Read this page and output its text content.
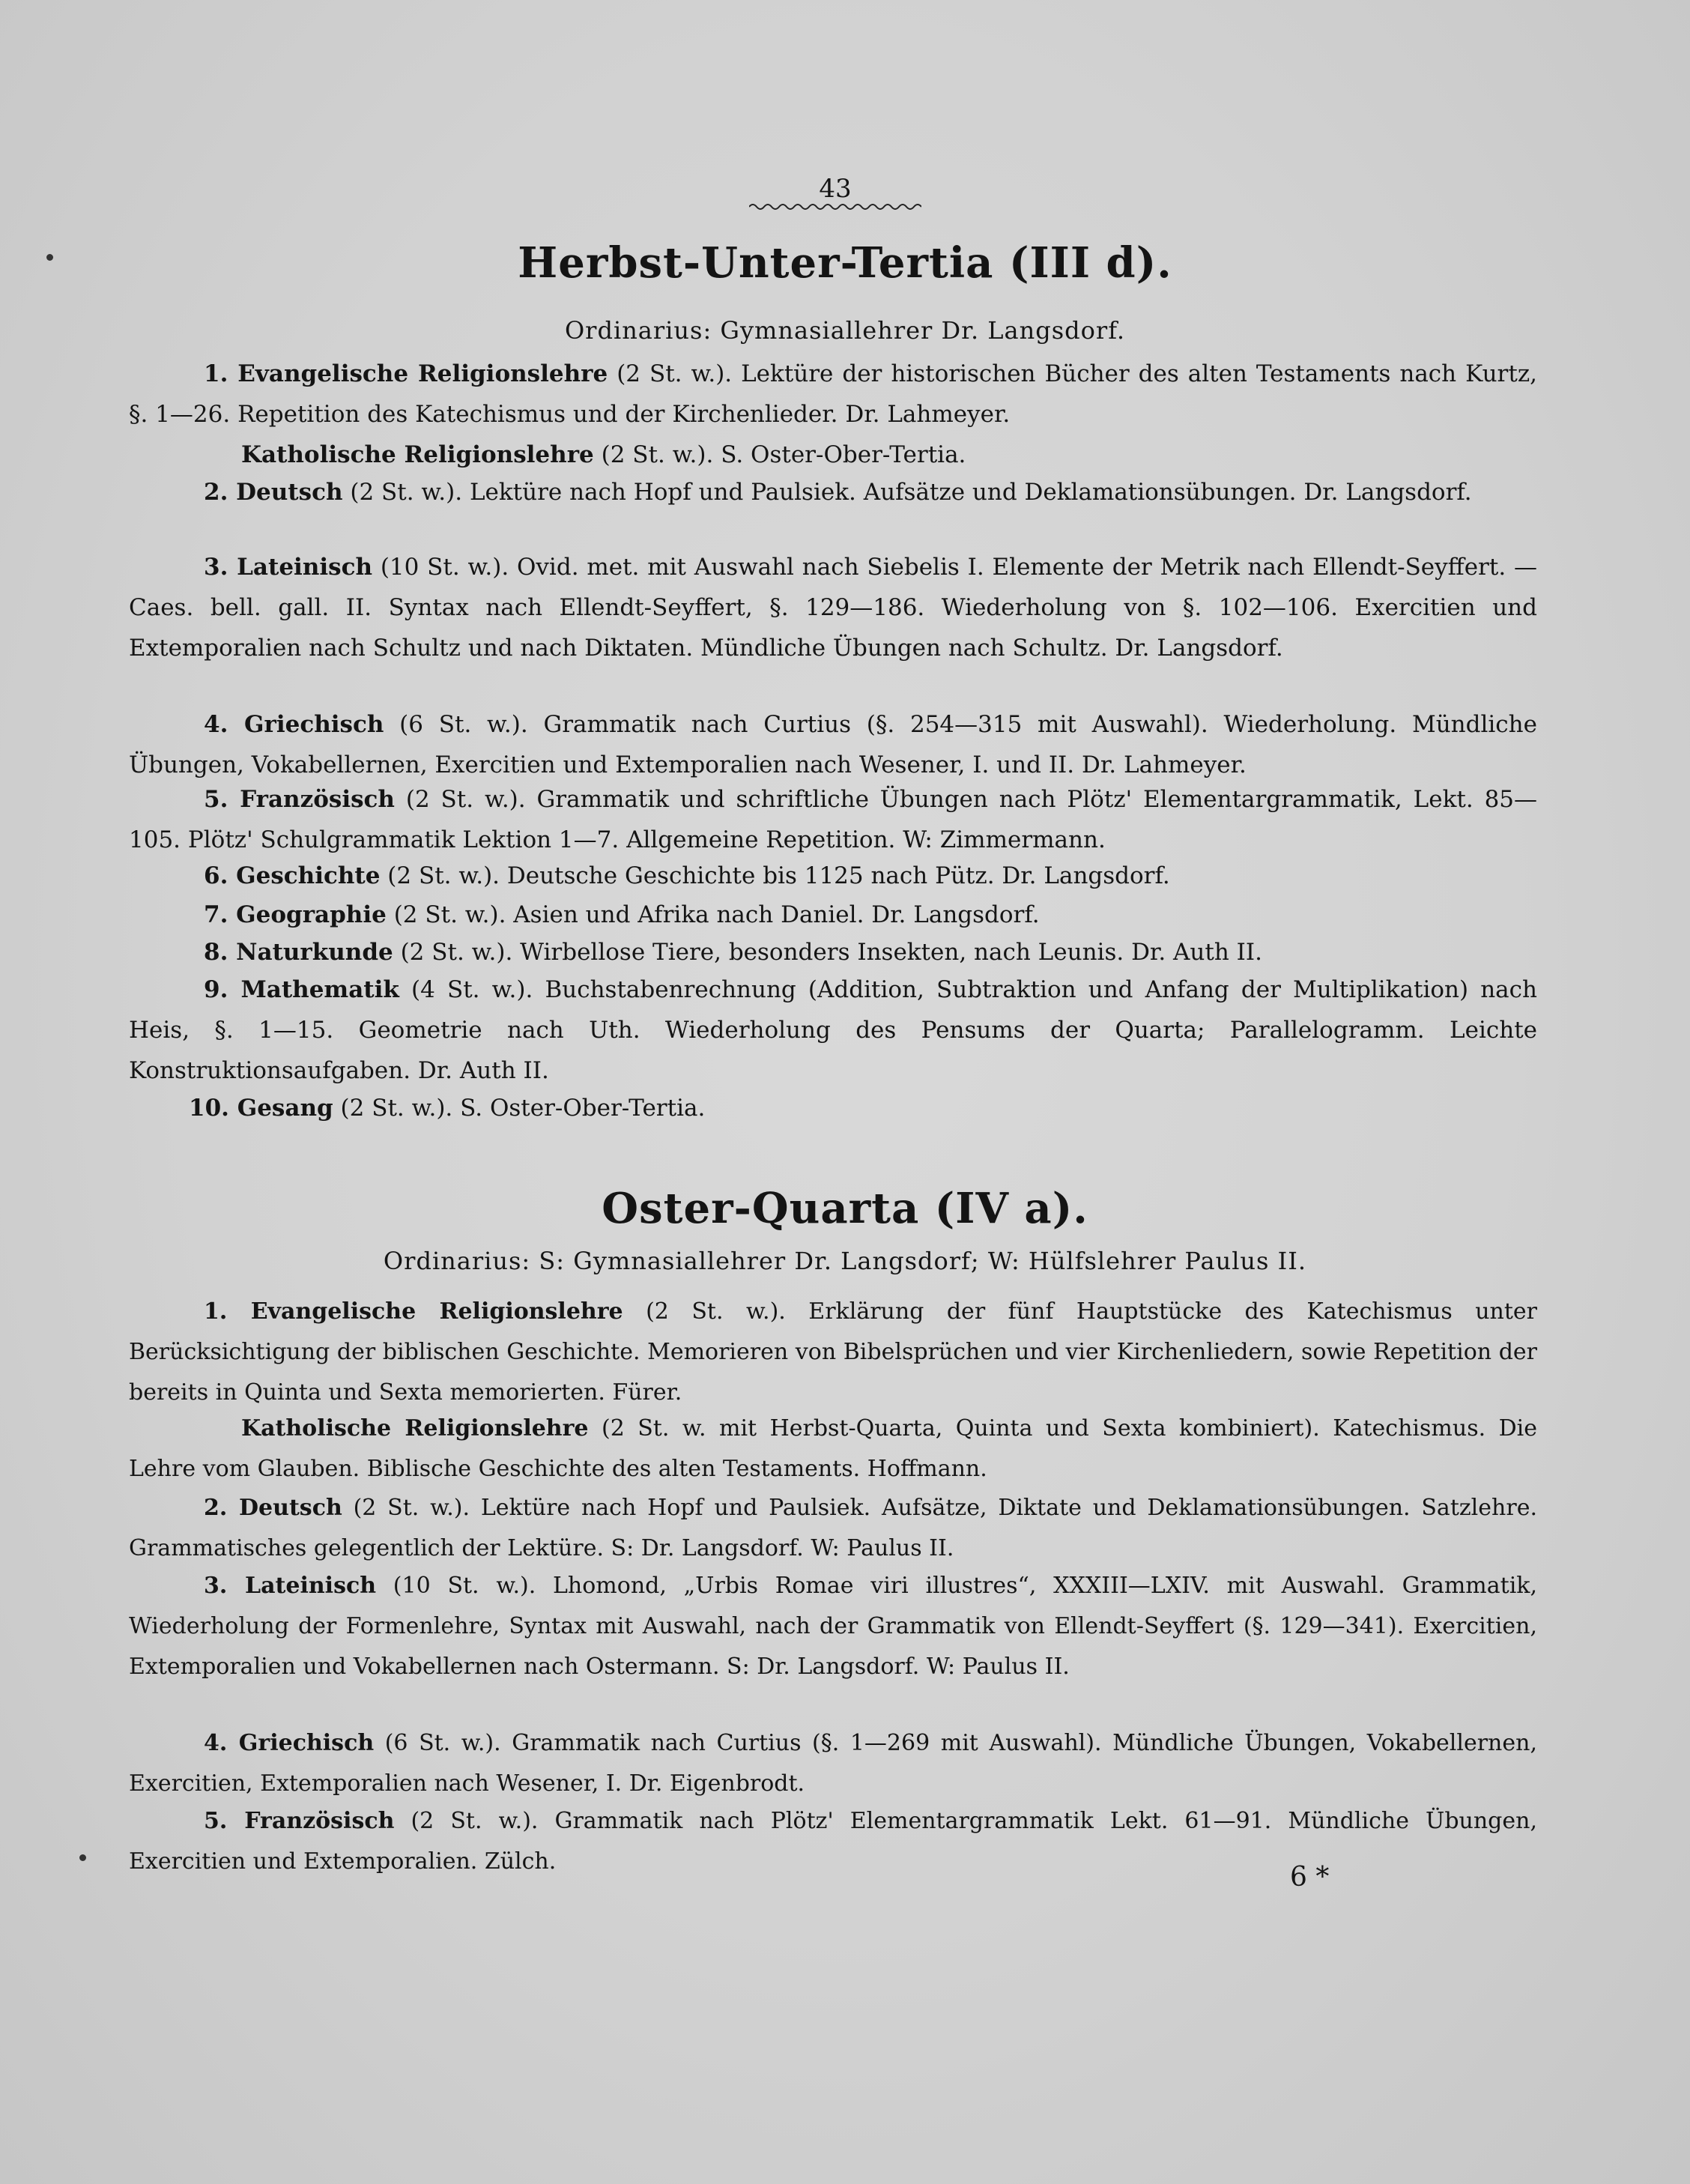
43
Herbst-Unter-Tertia (III d).
Ordinarius: Gymnasiallehrer Dr. Langsdorf.
1. Evangelische Religionslehre (2 St. w.). Lektüre der historischen Bücher des alten Testaments nach Kurtz, §. 1—26. Repetition des Katechismus und der Kirchenlieder. Dr. Lahmeyer.
Katholische Religionslehre (2 St. w.). S. Oster-Ober-Tertia.
2. Deutsch (2 St. w.). Lektüre nach Hopf und Paulsiek. Aufsätze und Deklamationsübungen. Dr. Langsdorf.
3. Lateinisch (10 St. w.). Ovid. met. mit Auswahl nach Siebelis I. Elemente der Metrik nach Ellendt-Seyffert. — Caes. bell. gall. II. Syntax nach Ellendt-Seyffert, §. 129—186. Wiederholung von §. 102—106. Exercitien und Extemporalien nach Schultz und nach Diktaten. Mündliche Übungen nach Schultz. Dr. Langsdorf.
4. Griechisch (6 St. w.). Grammatik nach Curtius (§. 254—315 mit Auswahl). Wiederholung. Mündliche Übungen, Vokabellernen, Exercitien und Extemporalien nach Wesener, I. und II. Dr. Lahmeyer.
5. Französisch (2 St. w.). Grammatik und schriftliche Übungen nach Plötz' Elementargrammatik, Lekt. 85—105. Plötz' Schulgrammatik Lektion 1—7. Allgemeine Repetition. W: Zimmermann.
6. Geschichte (2 St. w.). Deutsche Geschichte bis 1125 nach Pütz. Dr. Langsdorf.
7. Geographie (2 St. w.). Asien und Afrika nach Daniel. Dr. Langsdorf.
8. Naturkunde (2 St. w.). Wirbellose Tiere, besonders Insekten, nach Leunis. Dr. Auth II.
9. Mathematik (4 St. w.). Buchstabenrechnung (Addition, Subtraktion und Anfang der Multiplikation) nach Heis, §. 1—15. Geometrie nach Uth. Wiederholung des Pensums der Quarta; Parallelogramm. Leichte Konstruktionsaufgaben. Dr. Auth II.
10. Gesang (2 St. w.). S. Oster-Ober-Tertia.
Oster-Quarta (IV a).
Ordinarius: S: Gymnasiallehrer Dr. Langsdorf; W: Hülfslehrer Paulus II.
1. Evangelische Religionslehre (2 St. w.). Erklärung der fünf Hauptstücke des Katechismus unter Berücksichtigung der biblischen Geschichte. Memorieren von Bibelsprüchen und vier Kirchenliedern, sowie Repetition der bereits in Quinta und Sexta memorierten. Fürer.
Katholische Religionslehre (2 St. w. mit Herbst-Quarta, Quinta und Sexta kombiniert). Katechismus. Die Lehre vom Glauben. Biblische Geschichte des alten Testaments. Hoffmann.
2. Deutsch (2 St. w.). Lektüre nach Hopf und Paulsiek. Aufsätze, Diktate und Deklamationsübungen. Satzlehre. Grammatisches gelegentlich der Lektüre. S: Dr. Langsdorf. W: Paulus II.
3. Lateinisch (10 St. w.). Lhomond, „Urbis Romae viri illustres“, XXXIII—LXIV. mit Auswahl. Grammatik, Wiederholung der Formenlehre, Syntax mit Auswahl, nach der Grammatik von Ellendt-Seyffert (§. 129—341). Exercitien, Extemporalien und Vokabellernen nach Ostermann. S: Dr. Langsdorf. W: Paulus II.
4. Griechisch (6 St. w.). Grammatik nach Curtius (§. 1—269 mit Auswahl). Mündliche Übungen, Vokabellernen, Exercitien, Extemporalien nach Wesener, I. Dr. Eigenbrodt.
5. Französisch (2 St. w.). Grammatik nach Plötz' Elementargrammatik Lekt. 61—91. Mündliche Übungen, Exercitien und Extemporalien. Zülch.
6 *
